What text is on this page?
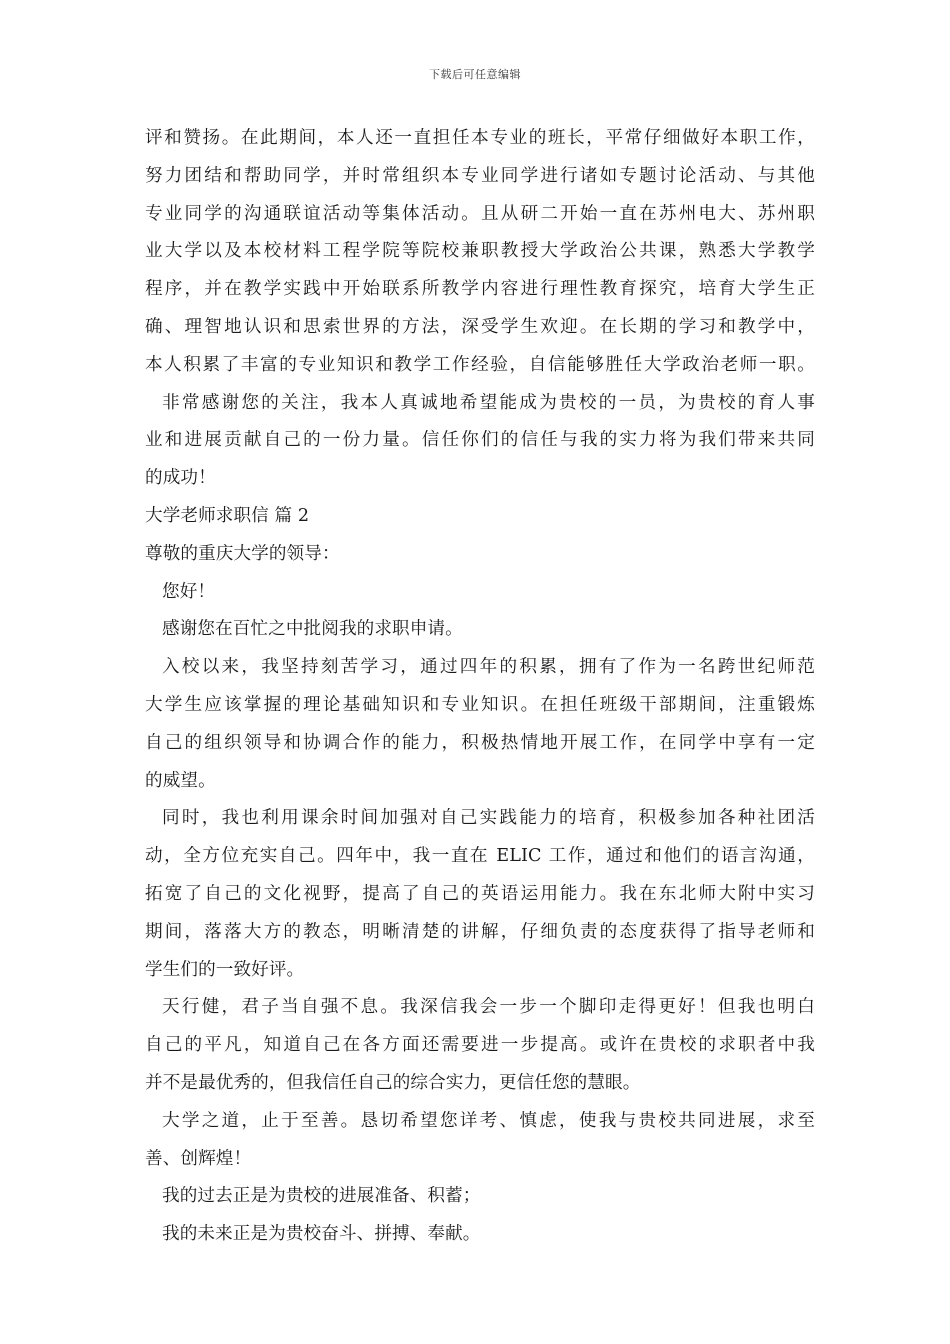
下载后可任意编辑
评和赞扬。在此期间，本人还一直担任本专业的班长，平常仔细做好本职工作，
努力团结和帮助同学，并时常组织本专业同学进行诸如专题讨论活动、与其他
专业同学的沟通联谊活动等集体活动。且从研二开始一直在苏州电大、苏州职
业大学以及本校材料工程学院等院校兼职教授大学政治公共课，熟悉大学教学
程序，并在教学实践中开始联系所教学内容进行理性教育探究，培育大学生正
确、理智地认识和思索世界的方法，深受学生欢迎。在长期的学习和教学中，
本人积累了丰富的专业知识和教学工作经验，自信能够胜任大学政治老师一职。
非常感谢您的关注，我本人真诚地希望能成为贵校的一员，为贵校的育人事
业和进展贡献自己的一份力量。信任你们的信任与我的实力将为我们带来共同
的成功！
大学老师求职信 篇 2
尊敬的重庆大学的领导：
您好！
感谢您在百忙之中批阅我的求职申请。
入校以来，我坚持刻苦学习，通过四年的积累，拥有了作为一名跨世纪师范
大学生应该掌握的理论基础知识和专业知识。在担任班级干部期间，注重锻炼
自己的组织领导和协调合作的能力，积极热情地开展工作，在同学中享有一定
的威望。
同时，我也利用课余时间加强对自己实践能力的培育，积极参加各种社团活
动，全方位充实自己。四年中，我一直在 ELIC 工作，通过和他们的语言沟通，
拓宽了自己的文化视野，提高了自己的英语运用能力。我在东北师大附中实习
期间，落落大方的教态，明晰清楚的讲解，仔细负责的态度获得了指导老师和
学生们的一致好评。
天行健，君子当自强不息。我深信我会一步一个脚印走得更好！但我也明白
自己的平凡，知道自己在各方面还需要进一步提高。或许在贵校的求职者中我
并不是最优秀的，但我信任自己的综合实力，更信任您的慧眼。
大学之道，止于至善。恳切希望您详考、慎虑，使我与贵校共同进展，求至
善、创辉煌！
我的过去正是为贵校的进展准备、积蓄；
我的未来正是为贵校奋斗、拼搏、奉献。
